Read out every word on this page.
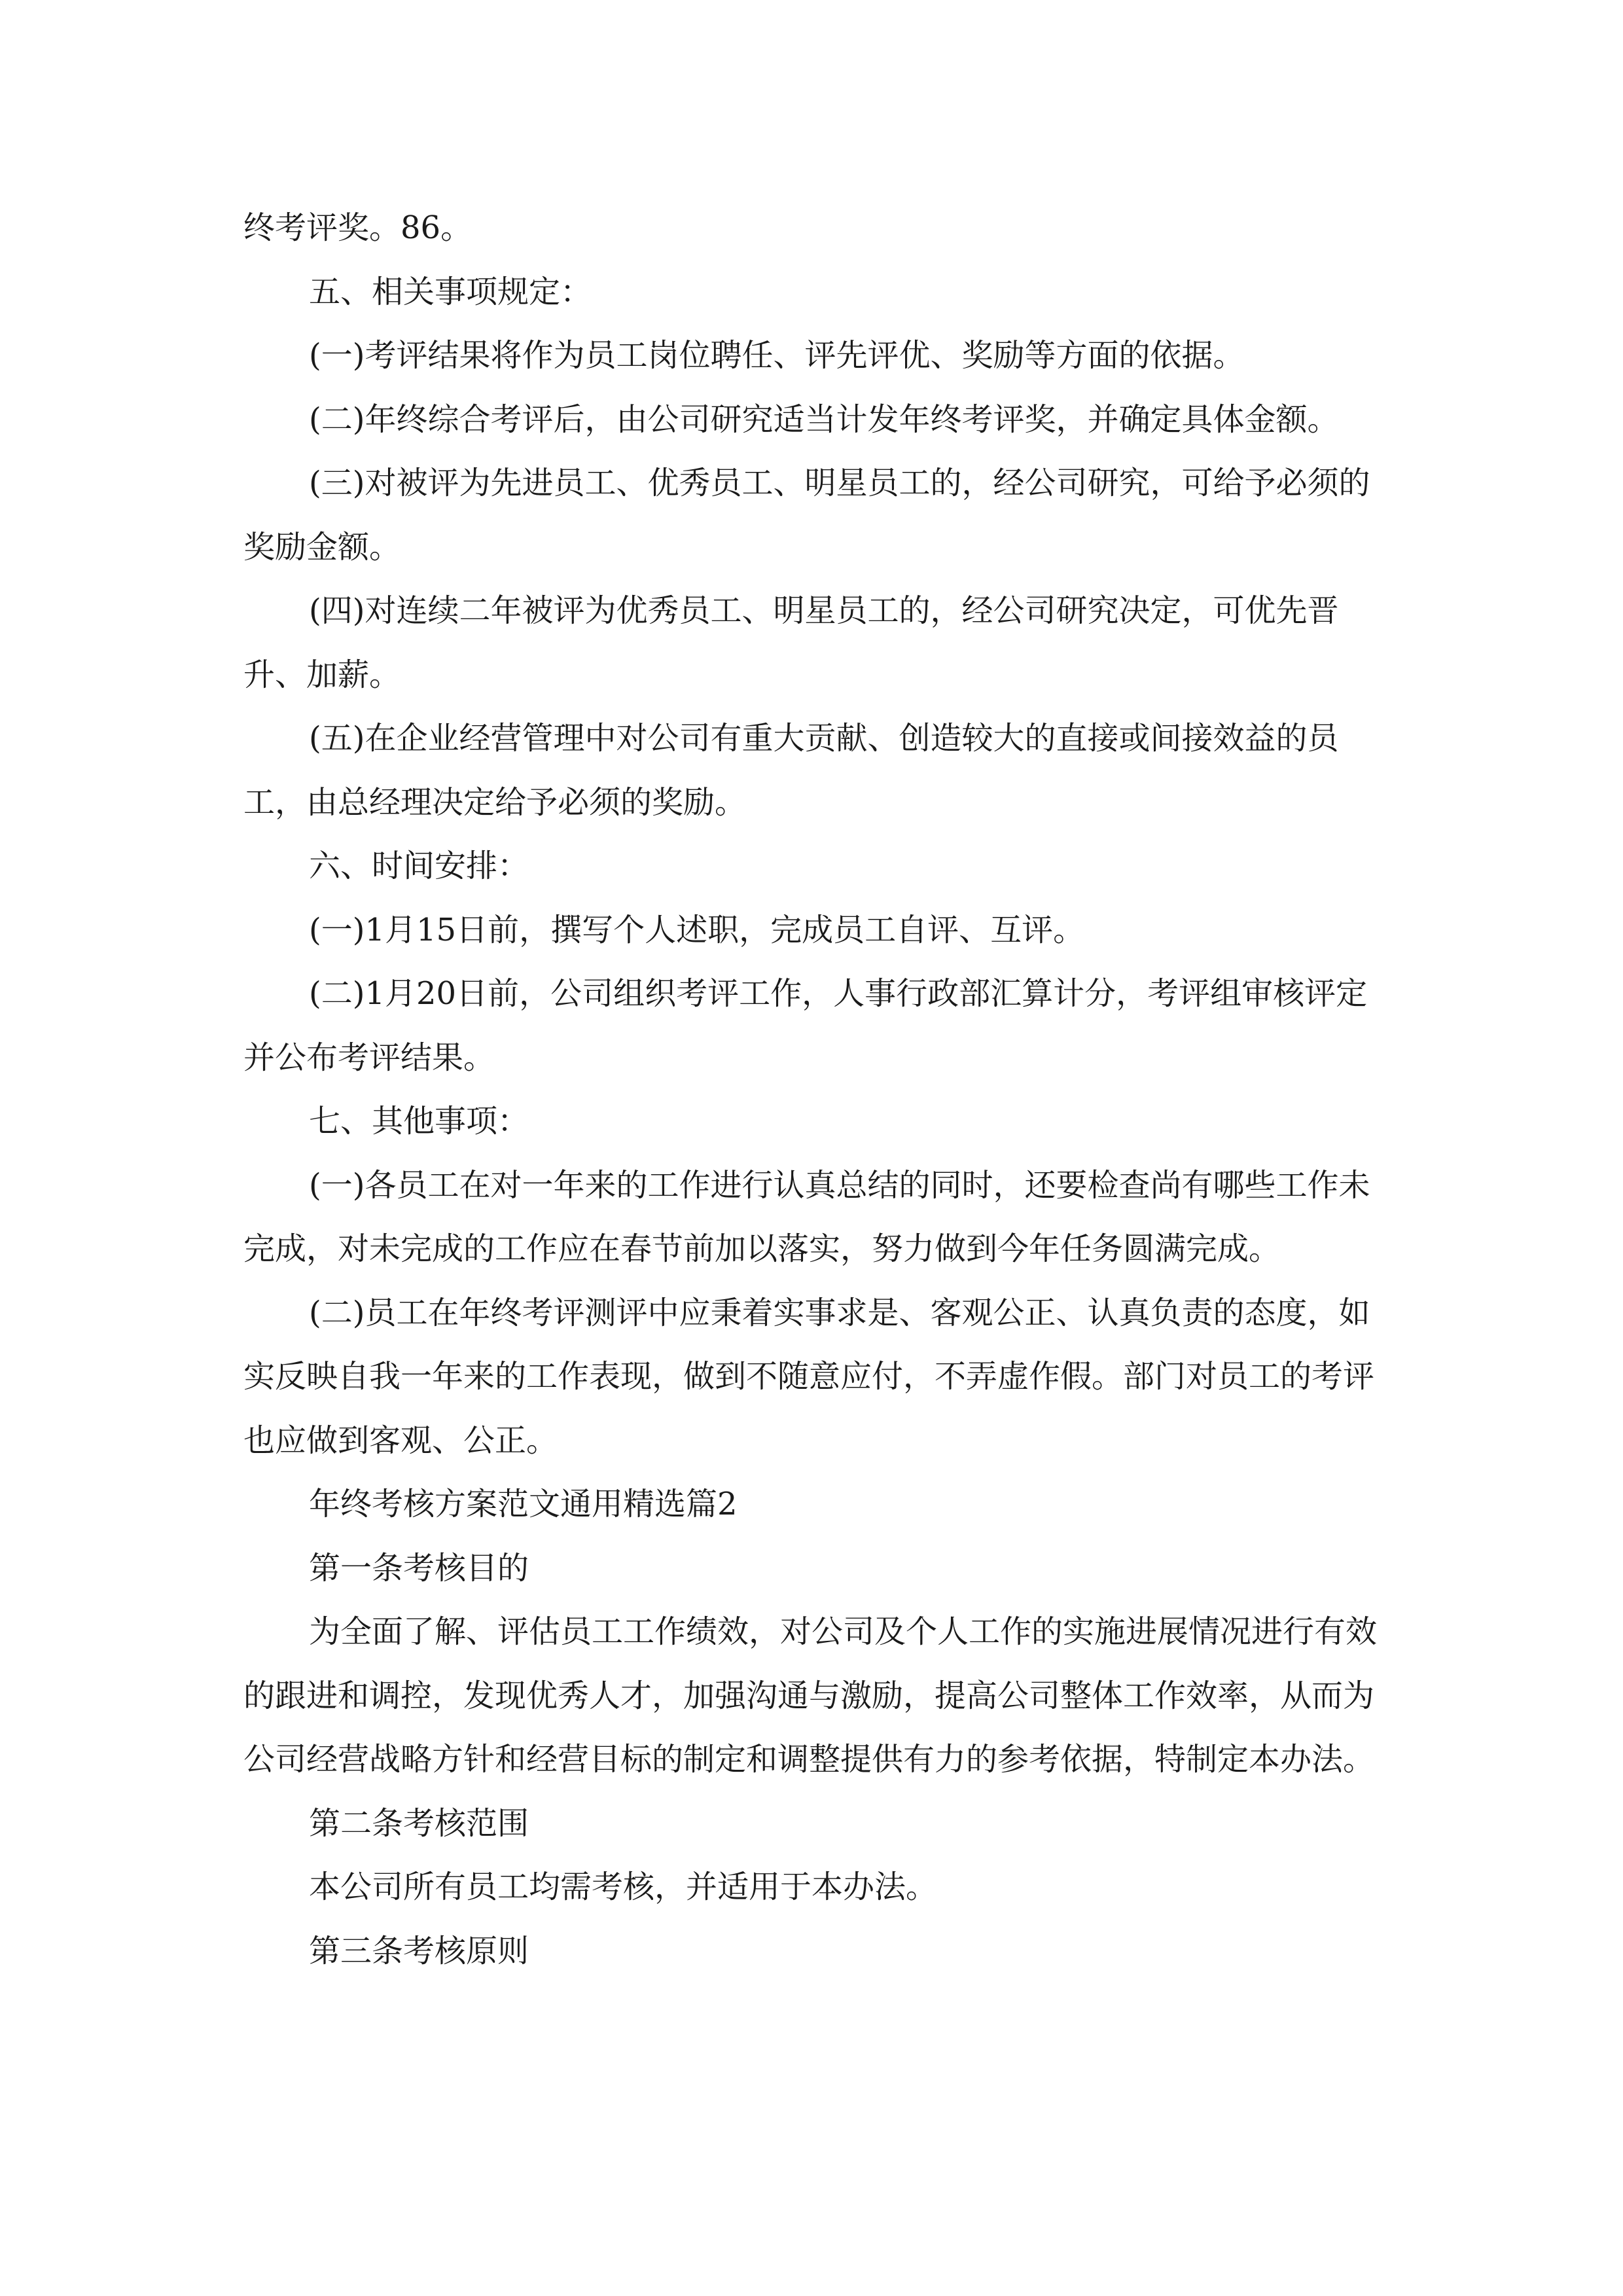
终考评奖。86。

五、相关事项规定：

(一)考评结果将作为员工岗位聘任、评先评优、奖励等方面的依据。

(二)年终综合考评后，由公司研究适当计发年终考评奖，并确定具体金额。

(三)对被评为先进员工、优秀员工、明星员工的，经公司研究，可给予必须的奖励金额。

(四)对连续二年被评为优秀员工、明星员工的，经公司研究决定，可优先晋升、加薪。

(五)在企业经营管理中对公司有重大贡献、创造较大的直接或间接效益的员工，由总经理决定给予必须的奖励。

六、时间安排：

(一)1月15日前，撰写个人述职，完成员工自评、互评。

(二)1月20日前，公司组织考评工作，人事行政部汇算计分，考评组审核评定并公布考评结果。

七、其他事项：

(一)各员工在对一年来的工作进行认真总结的同时，还要检查尚有哪些工作未完成，对未完成的工作应在春节前加以落实，努力做到今年任务圆满完成。

(二)员工在年终考评测评中应秉着实事求是、客观公正、认真负责的态度，如实反映自我一年来的工作表现，做到不随意应付，不弄虚作假。部门对员工的考评也应做到客观、公正。

年终考核方案范文通用精选篇2

第一条考核目的

为全面了解、评估员工工作绩效，对公司及个人工作的实施进展情况进行有效的跟进和调控，发现优秀人才，加强沟通与激励，提高公司整体工作效率，从而为公司经营战略方针和经营目标的制定和调整提供有力的参考依据，特制定本办法。

第二条考核范围

本公司所有员工均需考核，并适用于本办法。

第三条考核原则
